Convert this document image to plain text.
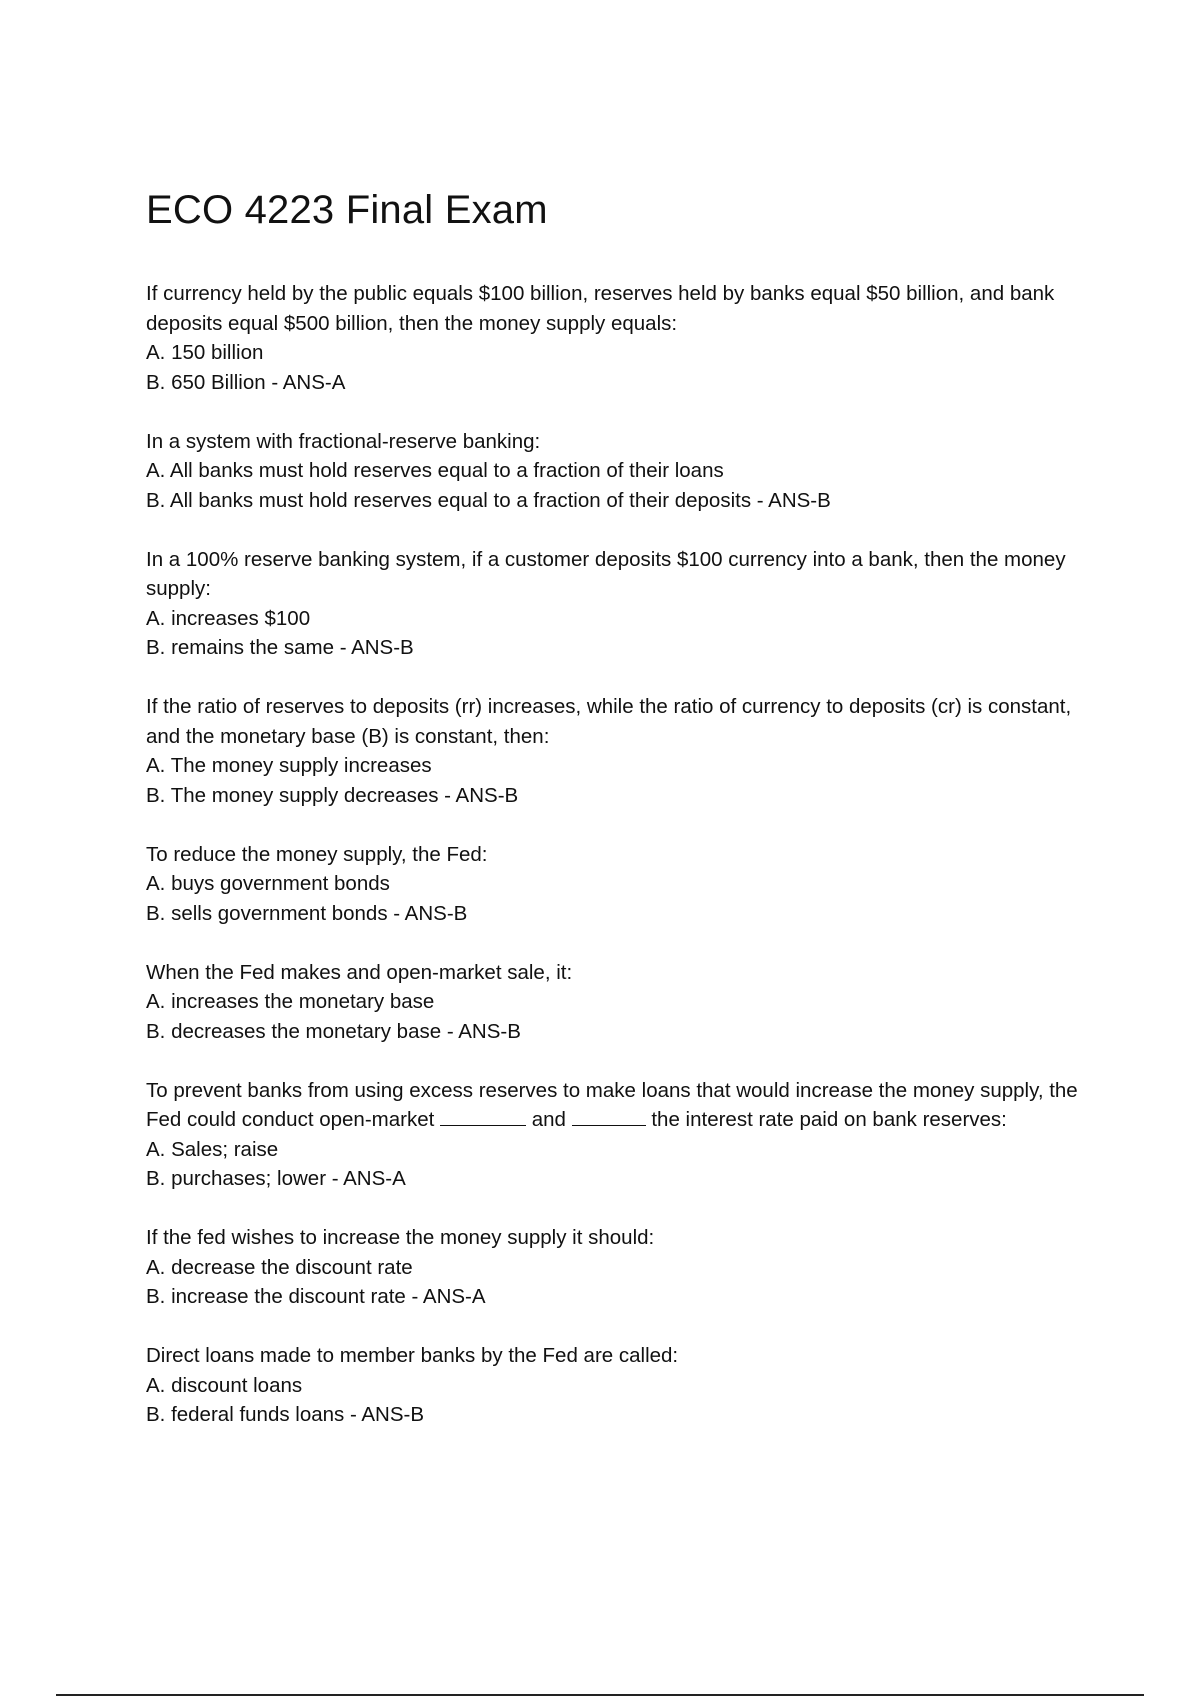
ECO 4223 Final Exam

If currency held by the public equals $100 billion, reserves held by banks equal $50 billion, and bank deposits equal $500 billion, then the money supply equals:

A. 150 billion

B. 650 Billion - ANS-A

In a system with fractional-reserve banking:

A. All banks must hold reserves equal to a fraction of their loans

B. All banks must hold reserves equal to a fraction of their deposits - ANS-B

In a 100% reserve banking system, if a customer deposits $100 currency into a bank, then the money supply:

A. increases $100

B. remains the same - ANS-B

If the ratio of reserves to deposits (rr) increases, while the ratio of currency to deposits (cr) is constant, and the monetary base (B) is constant, then:

A. The money supply increases

B. The money supply decreases - ANS-B

To reduce the money supply, the Fed:

A. buys government bonds

B. sells government bonds - ANS-B

When the Fed makes and open-market sale, it:

A. increases the monetary base

B. decreases the monetary base - ANS-B

To prevent banks from using excess reserves to make loans that would increase the money supply, the Fed could conduct open-market	and	the interest rate paid on bank reserves:

A. Sales; raise

B. purchases; lower - ANS-A

If the fed wishes to increase the money supply it should:

A. decrease the discount rate

B. increase the discount rate - ANS-A

Direct loans made to member banks by the Fed are called:

A. discount loans

B. federal funds loans - ANS-B
